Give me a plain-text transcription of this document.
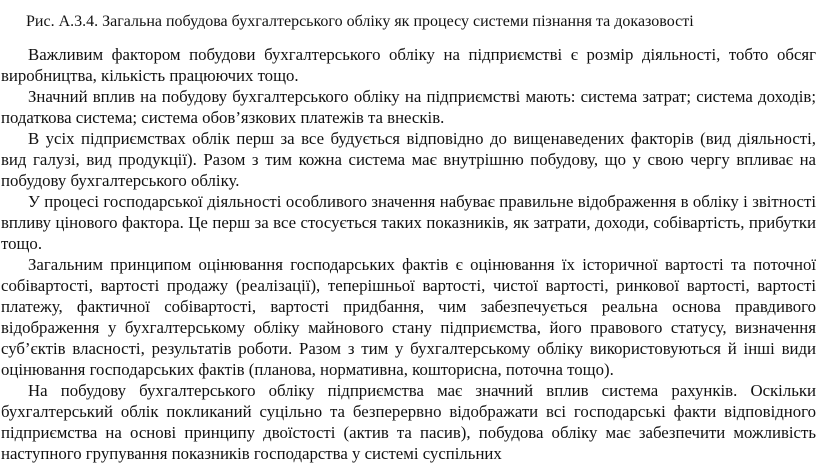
Рис. А.3.4. Загальна побудова бухгалтерського обліку як процесу системи пізнання та доказовості

Важливим фактором побудови бухгалтерського обліку на підприємстві є розмір діяльності, тобто обсяг виробництва, кількість працюючих тощо.

Значний вплив на побудову бухгалтерського обліку на підприємстві мають: система затрат; система доходів; податкова система; система обов’язкових платежів та внесків.

В усіх підприємствах облік перш за все будується відповідно до вищенаведених факторів (вид діяльності, вид галузі, вид продукції). Разом з тим кожна система має внутрішню побудову, що у свою чергу впливає на побудову бухгалтерського обліку.

У процесі господарської діяльності особливого значення набуває правильне відображення в обліку і звітності впливу цінового фактора. Це перш за все стосується таких показників, як затрати, доходи, собівартість, прибутки тощо.

Загальним принципом оцінювання господарських фактів є оцінювання їх історичної вартості та поточної собівартості, вартості продажу (реалізації), теперішньої вартості, чистої вартості, ринкової вартості, вартості платежу, фактичної собівартості, вартості придбання, чим забезпечується реальна основа правдивого відображення у бухгалтерському обліку майнового стану підприємства, його правового статусу, визначення суб’єктів власності, результатів роботи. Разом з тим у бухгалтерському обліку використовуються й інші види оцінювання господарських фактів (планова, нормативна, кошторисна, поточна тощо).

На побудову бухгалтерського обліку підприємства має значний вплив система рахунків. Оскільки бухгалтерський облік покликаний суцільно та безперервно відображати всі господарські факти відповідного підприємства на основі принципу двоїстості (актив та пасив), побудова обліку має забезпечити можливість наступного групування показників господарства у системі суспільних
